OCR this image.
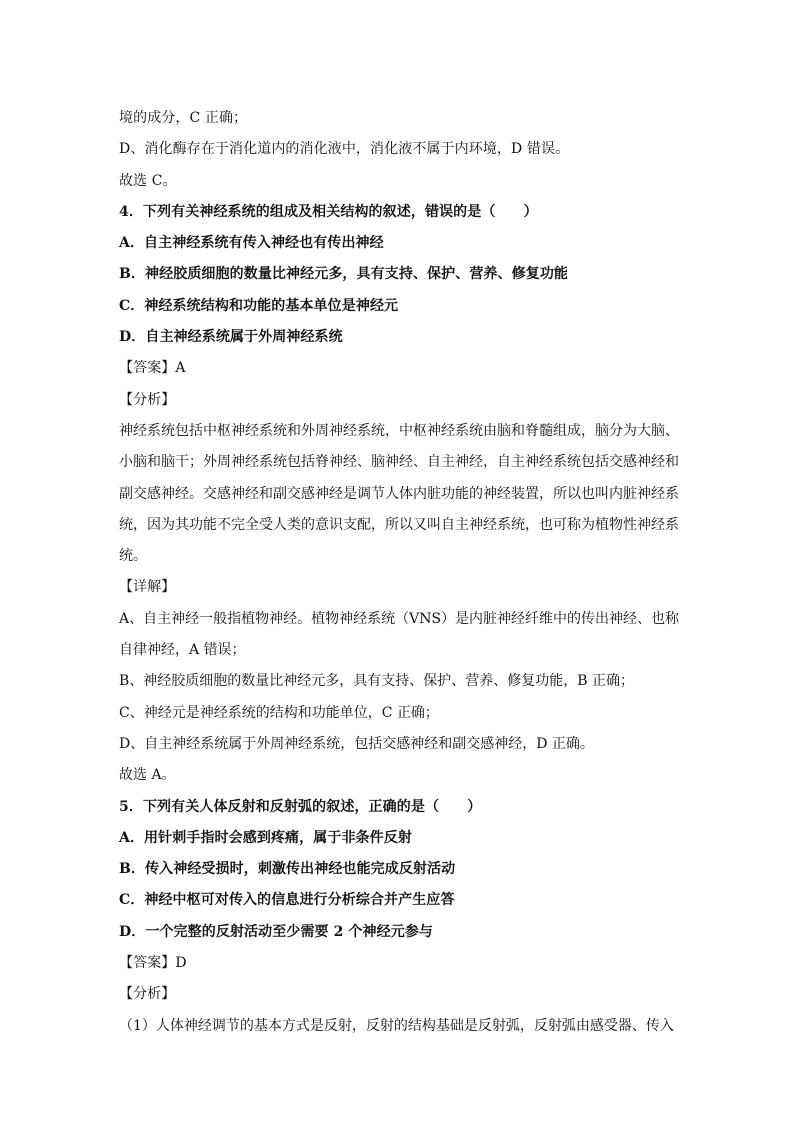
境的成分，C 正确；
D、消化酶存在于消化道内的消化液中，消化液不属于内环境，D 错误。
故选 C。
4．下列有关神经系统的组成及相关结构的叙述，错误的是（　　）
A．自主神经系统有传入神经也有传出神经
B．神经胶质细胞的数量比神经元多，具有支持、保护、营养、修复功能
C．神经系统结构和功能的基本单位是神经元
D．自主神经系统属于外周神经系统
【答案】A
【分析】
神经系统包括中枢神经系统和外周神经系统，中枢神经系统由脑和脊髓组成，脑分为大脑、
小脑和脑干；外周神经系统包括脊神经、脑神经、自主神经，自主神经系统包括交感神经和
副交感神经。交感神经和副交感神经是调节人体内脏功能的神经装置，所以也叫内脏神经系
统，因为其功能不完全受人类的意识支配，所以又叫自主神经系统，也可称为植物性神经系
统。
【详解】
A、自主神经一般指植物神经。植物神经系统（VNS）是内脏神经纤维中的传出神经、也称
自律神经，A 错误；
B、神经胶质细胞的数量比神经元多，具有支持、保护、营养、修复功能，B 正确；
C、神经元是神经系统的结构和功能单位，C 正确；
D、自主神经系统属于外周神经系统，包括交感神经和副交感神经，D 正确。
故选 A。
5．下列有关人体反射和反射弧的叙述，正确的是（　　）
A．用针刺手指时会感到疼痛，属于非条件反射
B．传入神经受损时，刺激传出神经也能完成反射活动
C．神经中枢可对传入的信息进行分析综合并产生应答
D．一个完整的反射活动至少需要 2 个神经元参与
【答案】D
【分析】
（1）人体神经调节的基本方式是反射，反射的结构基础是反射弧，反射弧由感受器、传入
